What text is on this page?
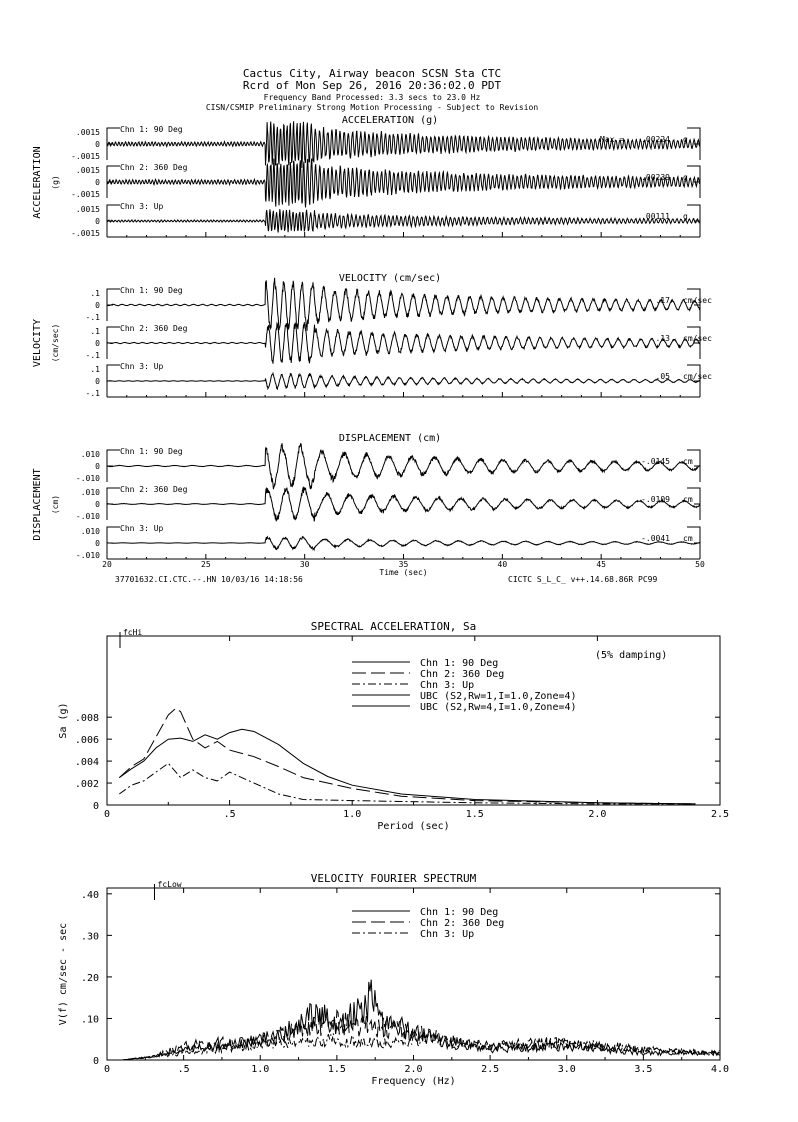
Cactus City, Airway beacon SCSN Sta CTC
Rcrd of Mon Sep 26, 2016 20:36:02.0 PDT
Frequency Band Processed: 3.3 secs to 23.0 Hz
CISN/CSMIP Preliminary Strong Motion Processing - Subject to Revision
37701632.CI.CTC.--.HN 10/03/16 14:18:56	CICTC S_L_C_ v++.14.68.86R PC99
ACCELERATION (g)
ACCELERATION (g)
.0015
0
-.0015
Chn 1: 90 Deg
Max = .00224 g
.0015
0
-.0015
Chn 2: 360 Deg
.00239 g
.0015
0
-.0015
Chn 3: Up
.00111 g
VELOCITY (cm/sec)
VELOCITY (cm/sec)
.1
0
-.1
Chn 1: 90 Deg
.17 cm/sec
.1
0
-.1
Chn 2: 360 Deg
.13 cm/sec
.1
0
-.1
Chn 3: Up
.05 cm/sec
DISPLACEMENT (cm)
DISPLACEMENT (cm)
.010
0
-.010
Chn 1: 90 Deg
-.0145 cm
.010
0
-.010
Chn 2: 360 Deg
-.0109 cm
.010
0
-.010
Chn 3: Up
-.0041 cm
20	25	30	35	40	45	50
Time (sec)
SPECTRAL ACCELERATION, Sa
0	.5	1.0	1.5	2.0	2.5
0
.002
.004
.006
.008
Period (sec)
Sa (g)
fcHi
(5% damping)
Chn 1: 90 Deg
Chn 2: 360 Deg
Chn 3: Up
UBC (S2,Rw=1,I=1.0,Zone=4)
UBC (S2,Rw=4,I=1.0,Zone=4)
VELOCITY FOURIER SPECTRUM
0	.5	1.0	1.5	2.0	2.5	3.0	3.5	4.0
0
.10
.20
.30
.40
Frequency (Hz)
V(f) cm/sec - sec
fcLow
Chn 1: 90 Deg
Chn 2: 360 Deg
Chn 3: Up
